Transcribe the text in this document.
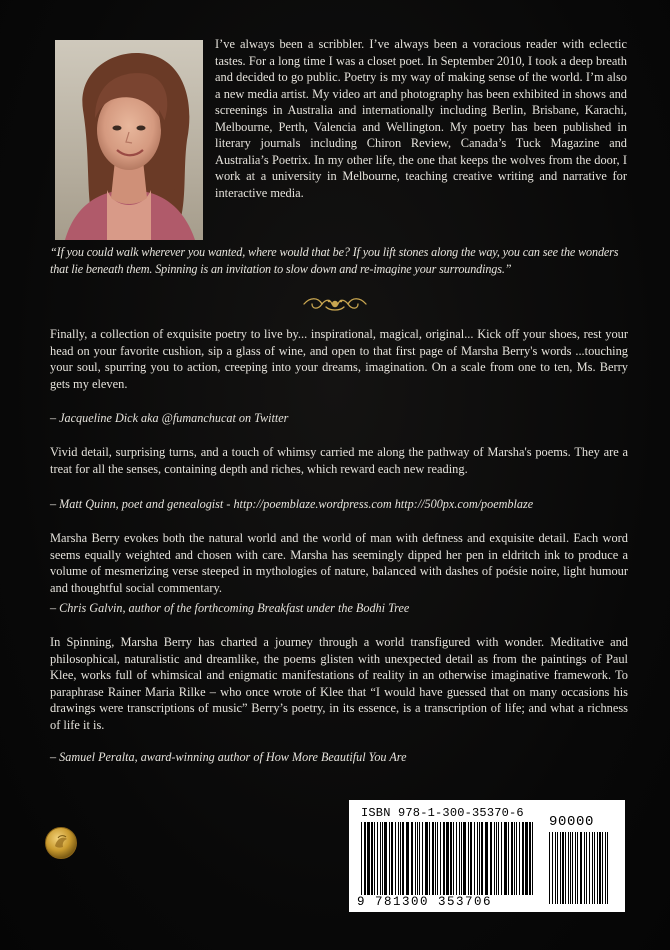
I’ve always been a scribbler. I’ve always been a voracious reader with eclectic tastes. For a long time I was a closet poet. In September 2010, I took a deep breath and decided to go public. Poetry is my way of making sense of the world. I’m also a new media artist. My video art and photography has been exhibited in shows and screenings in Australia and internationally including Berlin, Brisbane, Karachi, Melbourne, Perth, Valencia and Wellington. My poetry has been published in literary journals including Chiron Review, Canada’s Tuck Magazine and Australia’s Poetrix. In my other life, the one that keeps the wolves from the door, I work at a university in Melbourne, teaching creative writing and narrative for interactive media.

“If you could walk wherever you wanted, where would that be? If you lift stones along the way, you can see the wonders that lie beneath them. Spinning is an invitation to slow down and re-imagine your surroundings.”

Finally, a collection of exquisite poetry to live by... inspirational, magical, original... Kick off your shoes, rest your head on your favorite cushion, sip a glass of wine, and open to that first page of Marsha Berry's words ...touching your soul, spurring you to action, creeping into your dreams, imagination. On a scale from one to ten, Ms. Berry gets my eleven.

– Jacqueline Dick aka @fumanchucat on Twitter

Vivid detail, surprising turns, and a touch of whimsy carried me along the pathway of Marsha's poems. They are a treat for all the senses, containing depth and riches, which reward each new reading.

– Matt Quinn, poet and genealogist - http://poemblaze.wordpress.com http://500px.com/poemblaze

Marsha Berry evokes both the natural world and the world of man with deftness and exquisite detail. Each word seems equally weighted and chosen with care. Marsha has seemingly dipped her pen in eldritch ink to produce a volume of mesmerizing verse steeped in mythologies of nature, balanced with dashes of poésie noire, light humour and thoughtful social commentary.

– Chris Galvin, author of the forthcoming Breakfast under the Bodhi Tree

In Spinning, Marsha Berry has charted a journey through a world transfigured with wonder. Meditative and philosophical, naturalistic and dreamlike, the poems glisten with unexpected detail as from the paintings of Paul Klee, works full of whimsical and enigmatic manifestations of reality in an otherwise imaginative framework. To paraphrase Rainer Maria Rilke – who once wrote of Klee that “I would have guessed that on many occasions his drawings were transcriptions of music” Berry’s poetry, in its essence, is a transcription of life; and what a richness of life it is.

– Samuel Peralta, award-winning author of How More Beautiful You Are

ISBN 978-1-300-35370-6

90000

9 781300 353706
